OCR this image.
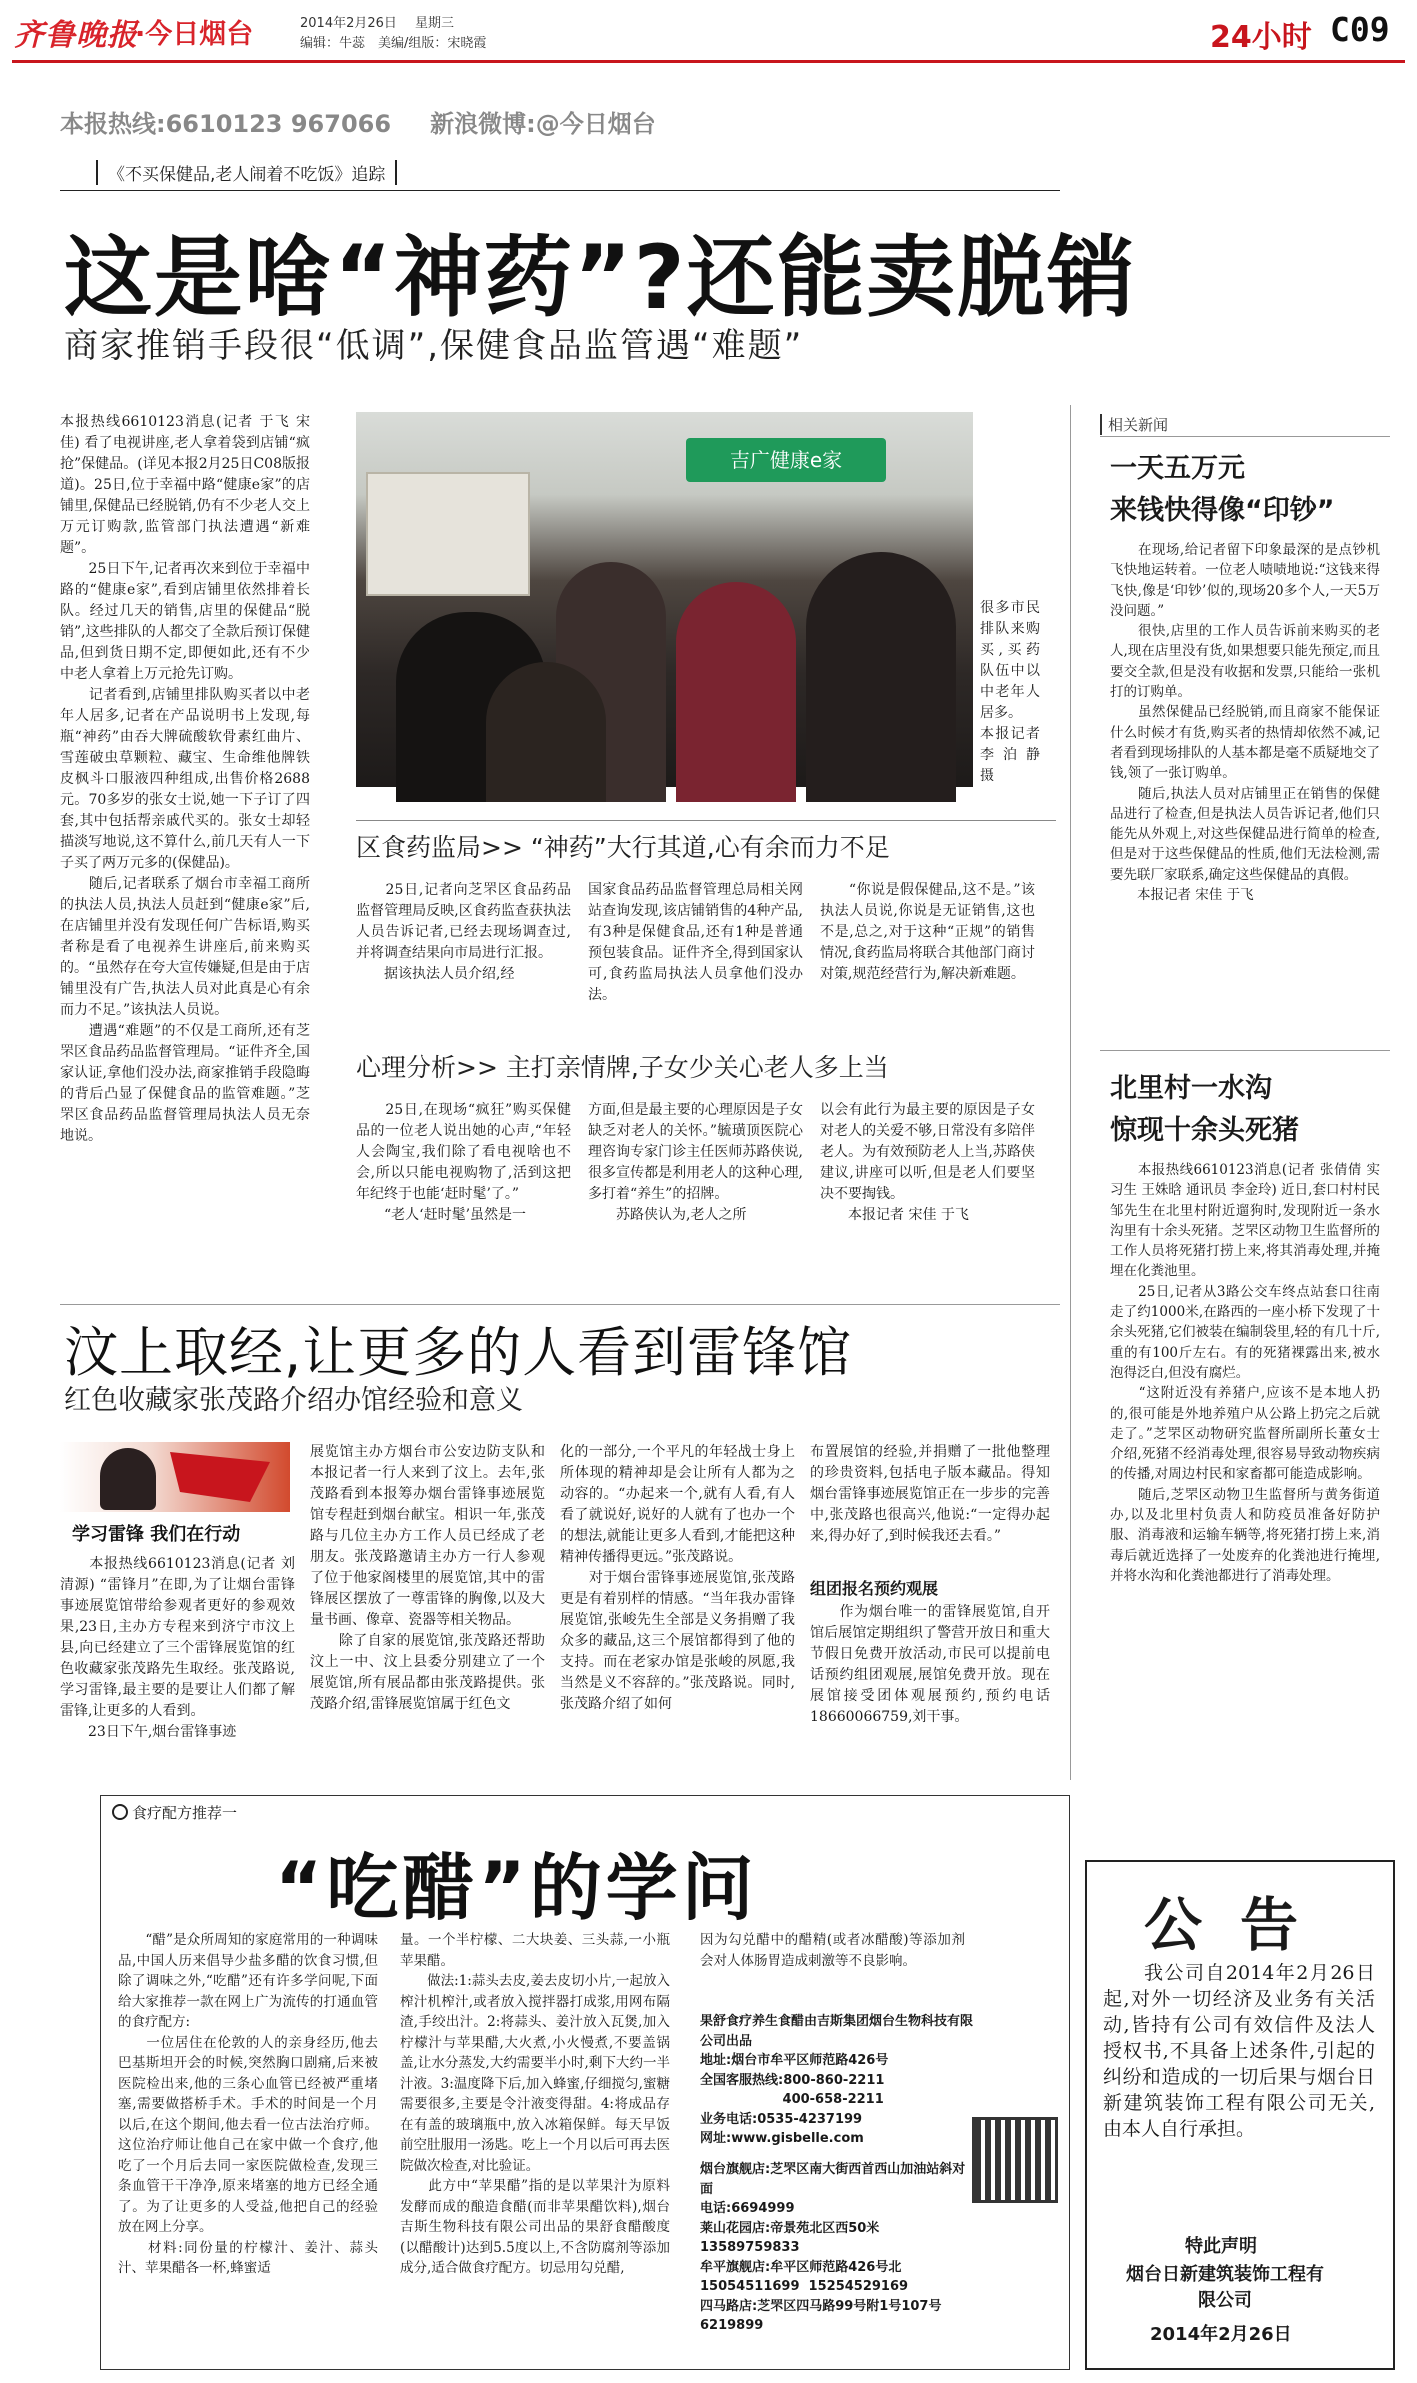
齐鲁晚报
·今日烟台	2014年2月26日 星期三
编辑：牛蕊　美编/组版：宋晓霞	24小时 C09
本报热线:6610123 967066 新浪微博:@今日烟台
《不买保健品,老人闹着不吃饭》追踪
这是啥“神药”?还能卖脱销
商家推销手段很“低调”,保健食品监管遇“难题”
本报热线6610123消息(记者 于飞 宋佳) 看了电视讲座,老人拿着袋到店铺“疯抢”保健品。(详见本报2月25日C08版报道)。25日,位于幸福中路“健康e家”的店铺里,保健品已经脱销,仍有不少老人交上万元订购款,监管部门执法遭遇“新难题”。
　　25日下午,记者再次来到位于幸福中路的“健康e家”,看到店铺里依然排着长队。经过几天的销售,店里的保健品“脱销”,这些排队的人都交了全款后预订保健品,但到货日期不定,即便如此,还有不少中老人拿着上万元抢先订购。
　　记者看到,店铺里排队购买者以中老年人居多,记者在产品说明书上发现,每瓶“神药”由吞大牌硫酸软骨素红曲片、雪莲破虫草颗粒、藏宝、生命维他牌铁皮枫斗口服液四种组成,出售价格2688元。70多岁的张女士说,她一下子订了四套,其中包括帮亲戚代买的。张女士却轻描淡写地说,这不算什么,前几天有人一下子买了两万元多的(保健品)。
　　随后,记者联系了烟台市幸福工商所的执法人员,执法人员赶到“健康e家”后,在店铺里并没有发现任何广告标语,购买者称是看了电视养生讲座后,前来购买的。“虽然存在夸大宣传嫌疑,但是由于店铺里没有广告,执法人员对此真是心有余而力不足。”该执法人员说。
　　遭遇“难题”的不仅是工商所,还有芝罘区食品药品监督管理局。“证件齐全,国家认证,拿他们没办法,商家推销手段隐晦的背后凸显了保健食品的监管难题。”芝罘区食品药品监督管理局执法人员无奈地说。
吉广健康e家
很多市民排队来购买,买药队伍中以中老年人居多。
本报记者 李泊静 摄
区食药监局>> “神药”大行其道,心有余而力不足
　　25日,记者向芝罘区食品药品监督管理局反映,区食药监查获执法人员告诉记者,已经去现场调查过,并将调查结果向市局进行汇报。
　　据该执法人员介绍,经
国家食品药品监督管理总局相关网站查询发现,该店铺销售的4种产品,有3种是保健食品,还有1种是普通预包装食品。证件齐全,得到国家认可,食药监局执法人员拿他们没办法。
　　“你说是假保健品,这不是。”该执法人员说,你说是无证销售,这也不是,总之,对于这种“正规”的销售情况,食药监局将联合其他部门商讨对策,规范经营行为,解决新难题。
心理分析>> 主打亲情牌,子女少关心老人多上当
　　25日,在现场“疯狂”购买保健品的一位老人说出她的心声,“年轻人会陶宝,我们除了看电视啥也不会,所以只能电视购物了,活到这把年纪终于也能‘赶时髦’了。”
　　“老人‘赶时髦’虽然是一
方面,但是最主要的心理原因是子女缺乏对老人的关怀。”毓璜顶医院心理咨询专家门诊主任医师苏路侠说,很多宣传都是利用老人的这种心理,多打着“养生”的招牌。
　　苏路侠认为,老人之所
以会有此行为最主要的原因是子女对老人的关爱不够,日常没有多陪伴老人。为有效预防老人上当,苏路侠建议,讲座可以听,但是老人们要坚决不要掏钱。
　　本报记者 宋佳 于飞
相关新闻
一天五万元
来钱快得像“印钞”
　　在现场,给记者留下印象最深的是点钞机飞快地运转着。一位老人啧啧地说:“这钱来得飞快,像是‘印钞’似的,现场20多个人,一天5万没问题。”
　　很快,店里的工作人员告诉前来购买的老人,现在店里没有货,如果想要只能先预定,而且要交全款,但是没有收据和发票,只能给一张机打的订购单。
　　虽然保健品已经脱销,而且商家不能保证什么时候才有货,购买者的热情却依然不减,记者看到现场排队的人基本都是毫不质疑地交了钱,领了一张订购单。
　　随后,执法人员对店铺里正在销售的保健品进行了检查,但是执法人员告诉记者,他们只能先从外观上,对这些保健品进行简单的检查,但是对于这些保健品的性质,他们无法检测,需要先联厂家联系,确定这些保健品的真假。
　　本报记者 宋佳 于飞
北里村一水沟
惊现十余头死猪
　　本报热线6610123消息(记者 张倩倩 实习生 王姝晗 通讯员 李金玲) 近日,套口村村民邹先生在北里村附近遛狗时,发现附近一条水沟里有十余头死猪。芝罘区动物卫生监督所的工作人员将死猪打捞上来,将其消毒处理,并掩埋在化粪池里。
　　25日,记者从3路公交车终点站套口往南走了约1000米,在路西的一座小桥下发现了十余头死猪,它们被装在编制袋里,轻的有几十斤,重的有100斤左右。有的死猪裸露出来,被水泡得泛白,但没有腐烂。
　　“这附近没有养猪户,应该不是本地人扔的,很可能是外地养殖户从公路上扔完之后就走了。”芝罘区动物研究监督所副所长董女士介绍,死猪不经消毒处理,很容易导致动物疾病的传播,对周边村民和家畜都可能造成影响。
　　随后,芝罘区动物卫生监督所与黄务街道办,以及北里村负责人和防疫员准备好防护服、消毒液和运输车辆等,将死猪打捞上来,消毒后就近选择了一处废弃的化粪池进行掩埋,并将水沟和化粪池都进行了消毒处理。
汶上取经,让更多的人看到雷锋馆
红色收藏家张茂路介绍办馆经验和意义
学习雷锋 我们在行动
　　本报热线6610123消息(记者 刘清源) “雷锋月”在即,为了让烟台雷锋事迹展览馆带给参观者更好的参观效果,23日,主办方专程来到济宁市汶上县,向已经建立了三个雷锋展览馆的红色收藏家张茂路先生取经。张茂路说,学习雷锋,最主要的是要让人们都了解雷锋,让更多的人看到。
　　23日下午,烟台雷锋事迹
展览馆主办方烟台市公安边防支队和本报记者一行人来到了汶上。去年,张茂路看到本报筹办烟台雷锋事迹展览馆专程赶到烟台献宝。相识一年,张茂路与几位主办方工作人员已经成了老朋友。张茂路邀请主办方一行人参观了位于他家阁楼里的展览馆,其中的雷锋展区摆放了一尊雷锋的胸像,以及大量书画、像章、瓷器等相关物品。
　　除了自家的展览馆,张茂路还帮助汶上一中、汶上县委分别建立了一个展览馆,所有展品都由张茂路提供。张茂路介绍,雷锋展览馆属于红色文
化的一部分,一个平凡的年轻战士身上所体现的精神却是会让所有人都为之动容的。“办起来一个,就有人看,有人看了就说好,说好的人就有了也办一个的想法,就能让更多人看到,才能把这种精神传播得更远。”张茂路说。
　　对于烟台雷锋事迹展览馆,张茂路更是有着别样的情感。“当年我办雷锋展览馆,张峻先生全部是义务捐赠了我众多的藏品,这三个展馆都得到了他的支持。而在老家办馆是张峻的夙愿,我当然是义不容辞的。”张茂路说。同时,张茂路介绍了如何
布置展馆的经验,并捐赠了一批他整理的珍贵资料,包括电子版本藏品。得知烟台雷锋事迹展览馆正在一步步的完善中,张茂路也很高兴,他说:“一定得办起来,得办好了,到时候我还去看。”
组团报名预约观展
　　作为烟台唯一的雷锋展览馆,自开馆后展馆定期组织了警营开放日和重大节假日免费开放活动,市民可以提前电话预约组团观展,展馆免费开放。现在展馆接受团体观展预约,预约电话18660066759,刘干事。
食疗配方推荐一
“吃醋”的学问
　　“醋”是众所周知的家庭常用的一种调味品,中国人历来倡导少盐多醋的饮食习惯,但除了调味之外,“吃醋”还有许多学问呢,下面给大家推荐一款在网上广为流传的打通血管的食疗配方:
　　一位居住在伦敦的人的亲身经历,他去巴基斯坦开会的时候,突然胸口剧痛,后来被医院检出来,他的三条心血管已经被严重堵塞,需要做搭桥手术。手术的时间是一个月以后,在这个期间,他去看一位古法治疗师。这位治疗师让他自己在家中做一个食疗,他吃了一个月后去同一家医院做检查,发现三条血管干干净净,原来堵塞的地方已经全通了。为了让更多的人受益,他把自己的经验放在网上分享。
　　材料:同份量的柠檬汁、姜汁、蒜头汁、苹果醋各一杯,蜂蜜适
量。一个半柠檬、二大块姜、三头蒜,一小瓶苹果醋。
　　做法:1:蒜头去皮,姜去皮切小片,一起放入榨汁机榨汁,或者放入搅拌器打成浆,用网布隔渣,手绞出汁。2:将蒜头、姜汁放入瓦煲,加入柠檬汁与苹果醋,大火煮,小火慢煮,不要盖锅盖,让水分蒸发,大约需要半小时,剩下大约一半汁液。3:温度降下后,加入蜂蜜,仔细搅匀,蜜糖需要很多,主要是令汁液变得甜。4:将成品存在有盖的玻璃瓶中,放入冰箱保鲜。每天早饭前空肚服用一汤匙。吃上一个月以后可再去医院做次检查,对比验证。
　　此方中“苹果醋”指的是以苹果汁为原料发酵而成的酿造食醋(而非苹果醋饮料),烟台吉斯生物科技有限公司出品的果舒食醋酸度(以醋酸计)达到5.5度以上,不含防腐剂等添加成分,适合做食疗配方。切忌用勾兑醋,
因为勾兑醋中的醋精(或者冰醋酸)等添加剂会对人体肠胃造成刺激等不良影响。
果舒食疗养生食醋由吉斯集团烟台生物科技有限公司出品
地址:烟台市牟平区师范路426号
全国客服热线:800-860-2211
　　　　　　 400-658-2211
业务电话:0535-4237199
网址:www.gisbelle.com
烟台旗舰店:芝罘区南大街西首西山加油站斜对面
电话:6694999
莱山花园店:帝景苑北区西50米
13589759833
牟平旗舰店:牟平区师范路426号北
15054511699  15254529169
四马路店:芝罘区四马路99号附1号107号
6219899
公告
　　我公司自2014年2月26日起,对外一切经济及业务有关活动,皆持有公司有效信件及法人授权书,不具备上述条件,引起的纠纷和造成的一切后果与烟台日新建筑装饰工程有限公司无关,由本人自行承担。
特此声明
烟台日新建筑装饰工程有限公司
2014年2月26日
